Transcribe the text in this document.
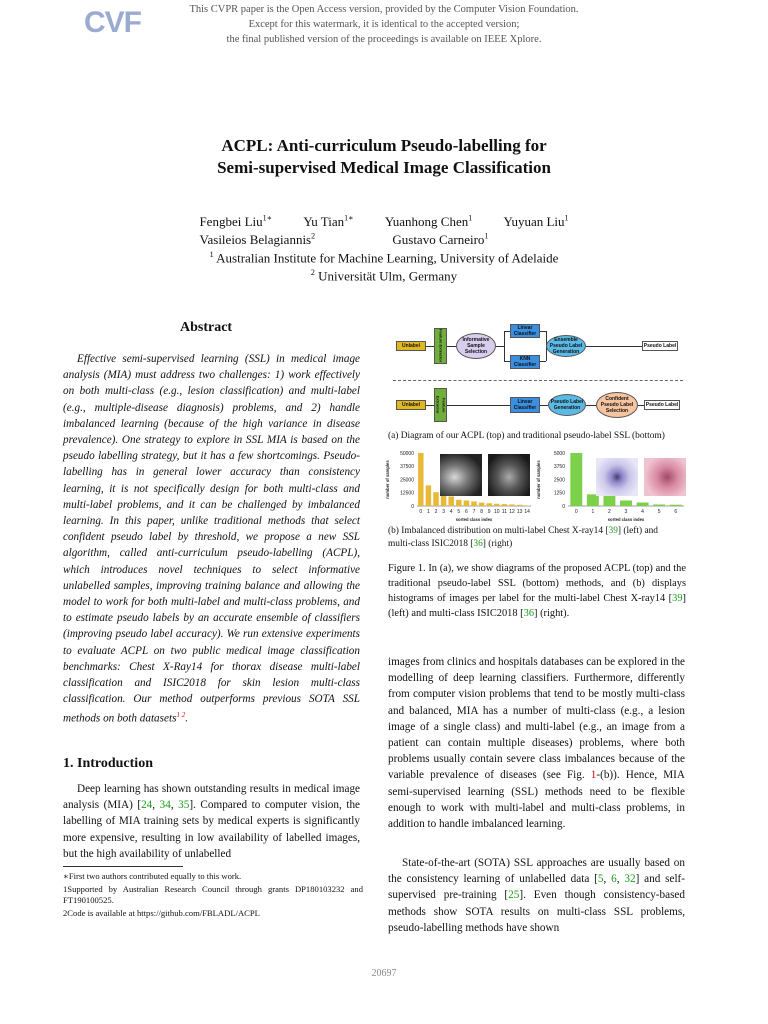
CVF	This CVPR paper is the Open Access version, provided by the Computer Vision Foundation.
Except for this watermark, it is identical to the accepted version;
the final published version of the proceedings is available on IEEE Xplore.
ACPL: Anti-curriculum Pseudo-labelling for
Semi-supervised Medical Image Classification
Fengbei Liu$^{1∗}$ Yu Tian$^{1∗}$ Yuanhong Chen$^1$ Yuyuan Liu$^1$
Vasileios Belagiannis$^2$	Gustavo Carneiro$^1$
$^1$ Australian Institute for Machine Learning, University of Adelaide
$^2$ Universität Ulm, Germany
Abstract
Effective semi-supervised learning (SSL) in medical image analysis (MIA) must address two challenges: 1) work effectively on both multi-class (e.g., lesion classification) and multi-label (e.g., multiple-disease diagnosis) problems, and 2) handle imbalanced learning (because of the high variance in disease prevalence). One strategy to explore in SSL MIA is based on the pseudo labelling strategy, but it has a few shortcomings. Pseudo-labelling has in general lower accuracy than consistency learning, it is not specifically design for both multi-class and multi-label problems, and it can be challenged by imbalanced learning. In this paper, unlike traditional methods that select confident pseudo label by threshold, we propose a new SSL algorithm, called anti-curriculum pseudo-labelling (ACPL), which introduces novel techniques to select informative unlabelled samples, improving training balance and allowing the model to work for both multi-label and multi-class problems, and to estimate pseudo labels by an accurate ensemble of classifiers (improving pseudo label accuracy). We run extensive experiments to evaluate ACPL on two public medical image classification benchmarks: Chest X-Ray14 for thorax disease multi-label classification and ISIC2018 for skin lesion multi-class classification. Our method outperforms previous SOTA SSL methods on both datasets$^{1 2}$.
1. Introduction
Deep learning has shown outstanding results in medical image analysis (MIA) [24, 34, 35]. Compared to computer vision, the labelling of MIA training sets by medical experts is significantly more expensive, resulting in low availability of labelled images, but the high availability of unlabelled
∗First two authors contributed equally to this work.
1Supported by Australian Research Council through grants DP180103232 and FT190100525.
2Code is available at https://github.com/FBLADL/ACPL
Unlabel	Feature Extractor	Informative Sample Selection
Linear Classifier
KNN Classifier
Ensemble Pseudo Label Generation
Pseudo Label
Unlabel	Feature Extractor	Linear Classifier
Pseudo Label Generation
Confident Pseudo Label Selection
Pseudo Label
(a) Diagram of our ACPL (top) and traditional pseudo-label SSL (bottom)
0
12500
25000
37500
50000
0 1 2 3 4 5 6 7 8 9 10 11 12 13 14
sorted class index
number of samples
0
1250
2500
3750
5000
0	1	2	3	4	5	6
sorted class index
number of samples
(b) Imbalanced distribution on multi-label Chest X-ray14 [39] (left) and
multi-class ISIC2018 [36] (right)
Figure 1. In (a), we show diagrams of the proposed ACPL (top) and the traditional pseudo-label SSL (bottom) methods, and (b) displays histograms of images per label for the multi-label Chest X-ray14 [39] (left) and multi-class ISIC2018 [36] (right).
images from clinics and hospitals databases can be explored in the modelling of deep learning classifiers. Furthermore, differently from computer vision problems that tend to be mostly multi-class and balanced, MIA has a number of multi-class (e.g., a lesion image of a single class) and multi-label (e.g., an image from a patient can contain multiple diseases) problems, where both problems usually contain severe class imbalances because of the variable prevalence of diseases (see Fig. 1-(b)). Hence, MIA semi-supervised learning (SSL) methods need to be flexible enough to work with multi-label and multi-class problems, in addition to handle imbalanced learning.
State-of-the-art (SOTA) SSL approaches are usually based on the consistency learning of unlabelled data [5, 6, 32] and self-supervised pre-training [25]. Even though consistency-based methods show SOTA results on multi-class SSL problems, pseudo-labelling methods have shown
20697
